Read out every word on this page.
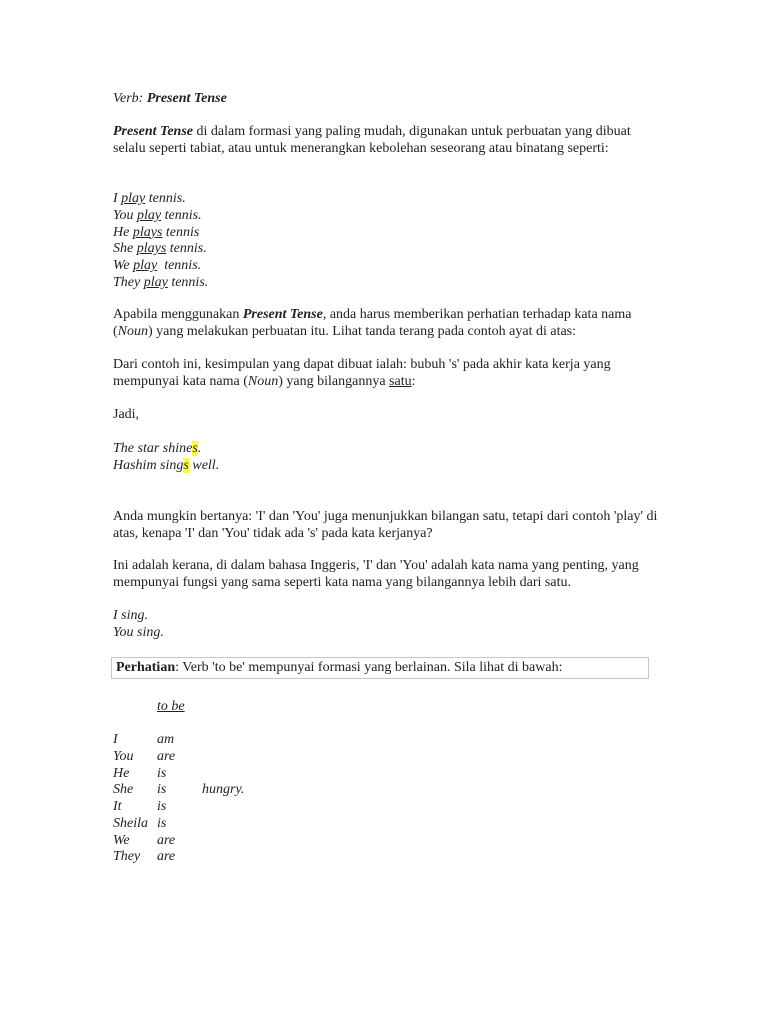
Verb: Present Tense

Present Tense di dalam formasi yang paling mudah, digunakan untuk perbuatan yang dibuat selalu seperti tabiat, atau untuk menerangkan kebolehan seseorang atau binatang seperti:

I play tennis.
You play tennis.
He plays tennis
She plays tennis.
We play  tennis.
They play tennis.

Apabila menggunakan Present Tense, anda harus memberikan perhatian terhadap kata nama (Noun) yang melakukan perbuatan itu. Lihat tanda terang pada contoh ayat di atas:

Dari contoh ini, kesimpulan yang dapat dibuat ialah: bubuh 's' pada akhir kata kerja yang mempunyai kata nama (Noun) yang bilangannya satu:

Jadi,

The star shines.
Hashim sings well.

Anda mungkin bertanya: 'I' dan 'You' juga menunjukkan bilangan satu, tetapi dari contoh 'play' di atas, kenapa 'I' dan 'You' tidak ada 's' pada kata kerjanya?

Ini adalah kerana, di dalam bahasa Inggeris, 'I' dan 'You' adalah kata nama yang penting, yang mempunyai fungsi yang sama seperti kata nama yang bilangannya lebih dari satu.

I sing.
You sing.
Perhatian: Verb 'to be' mempunyai formasi yang berlainan. Sila lihat di bawah:

to be

I	am
You are
He is
She is	hungry.
It	is
Sheila is
We are
They are
